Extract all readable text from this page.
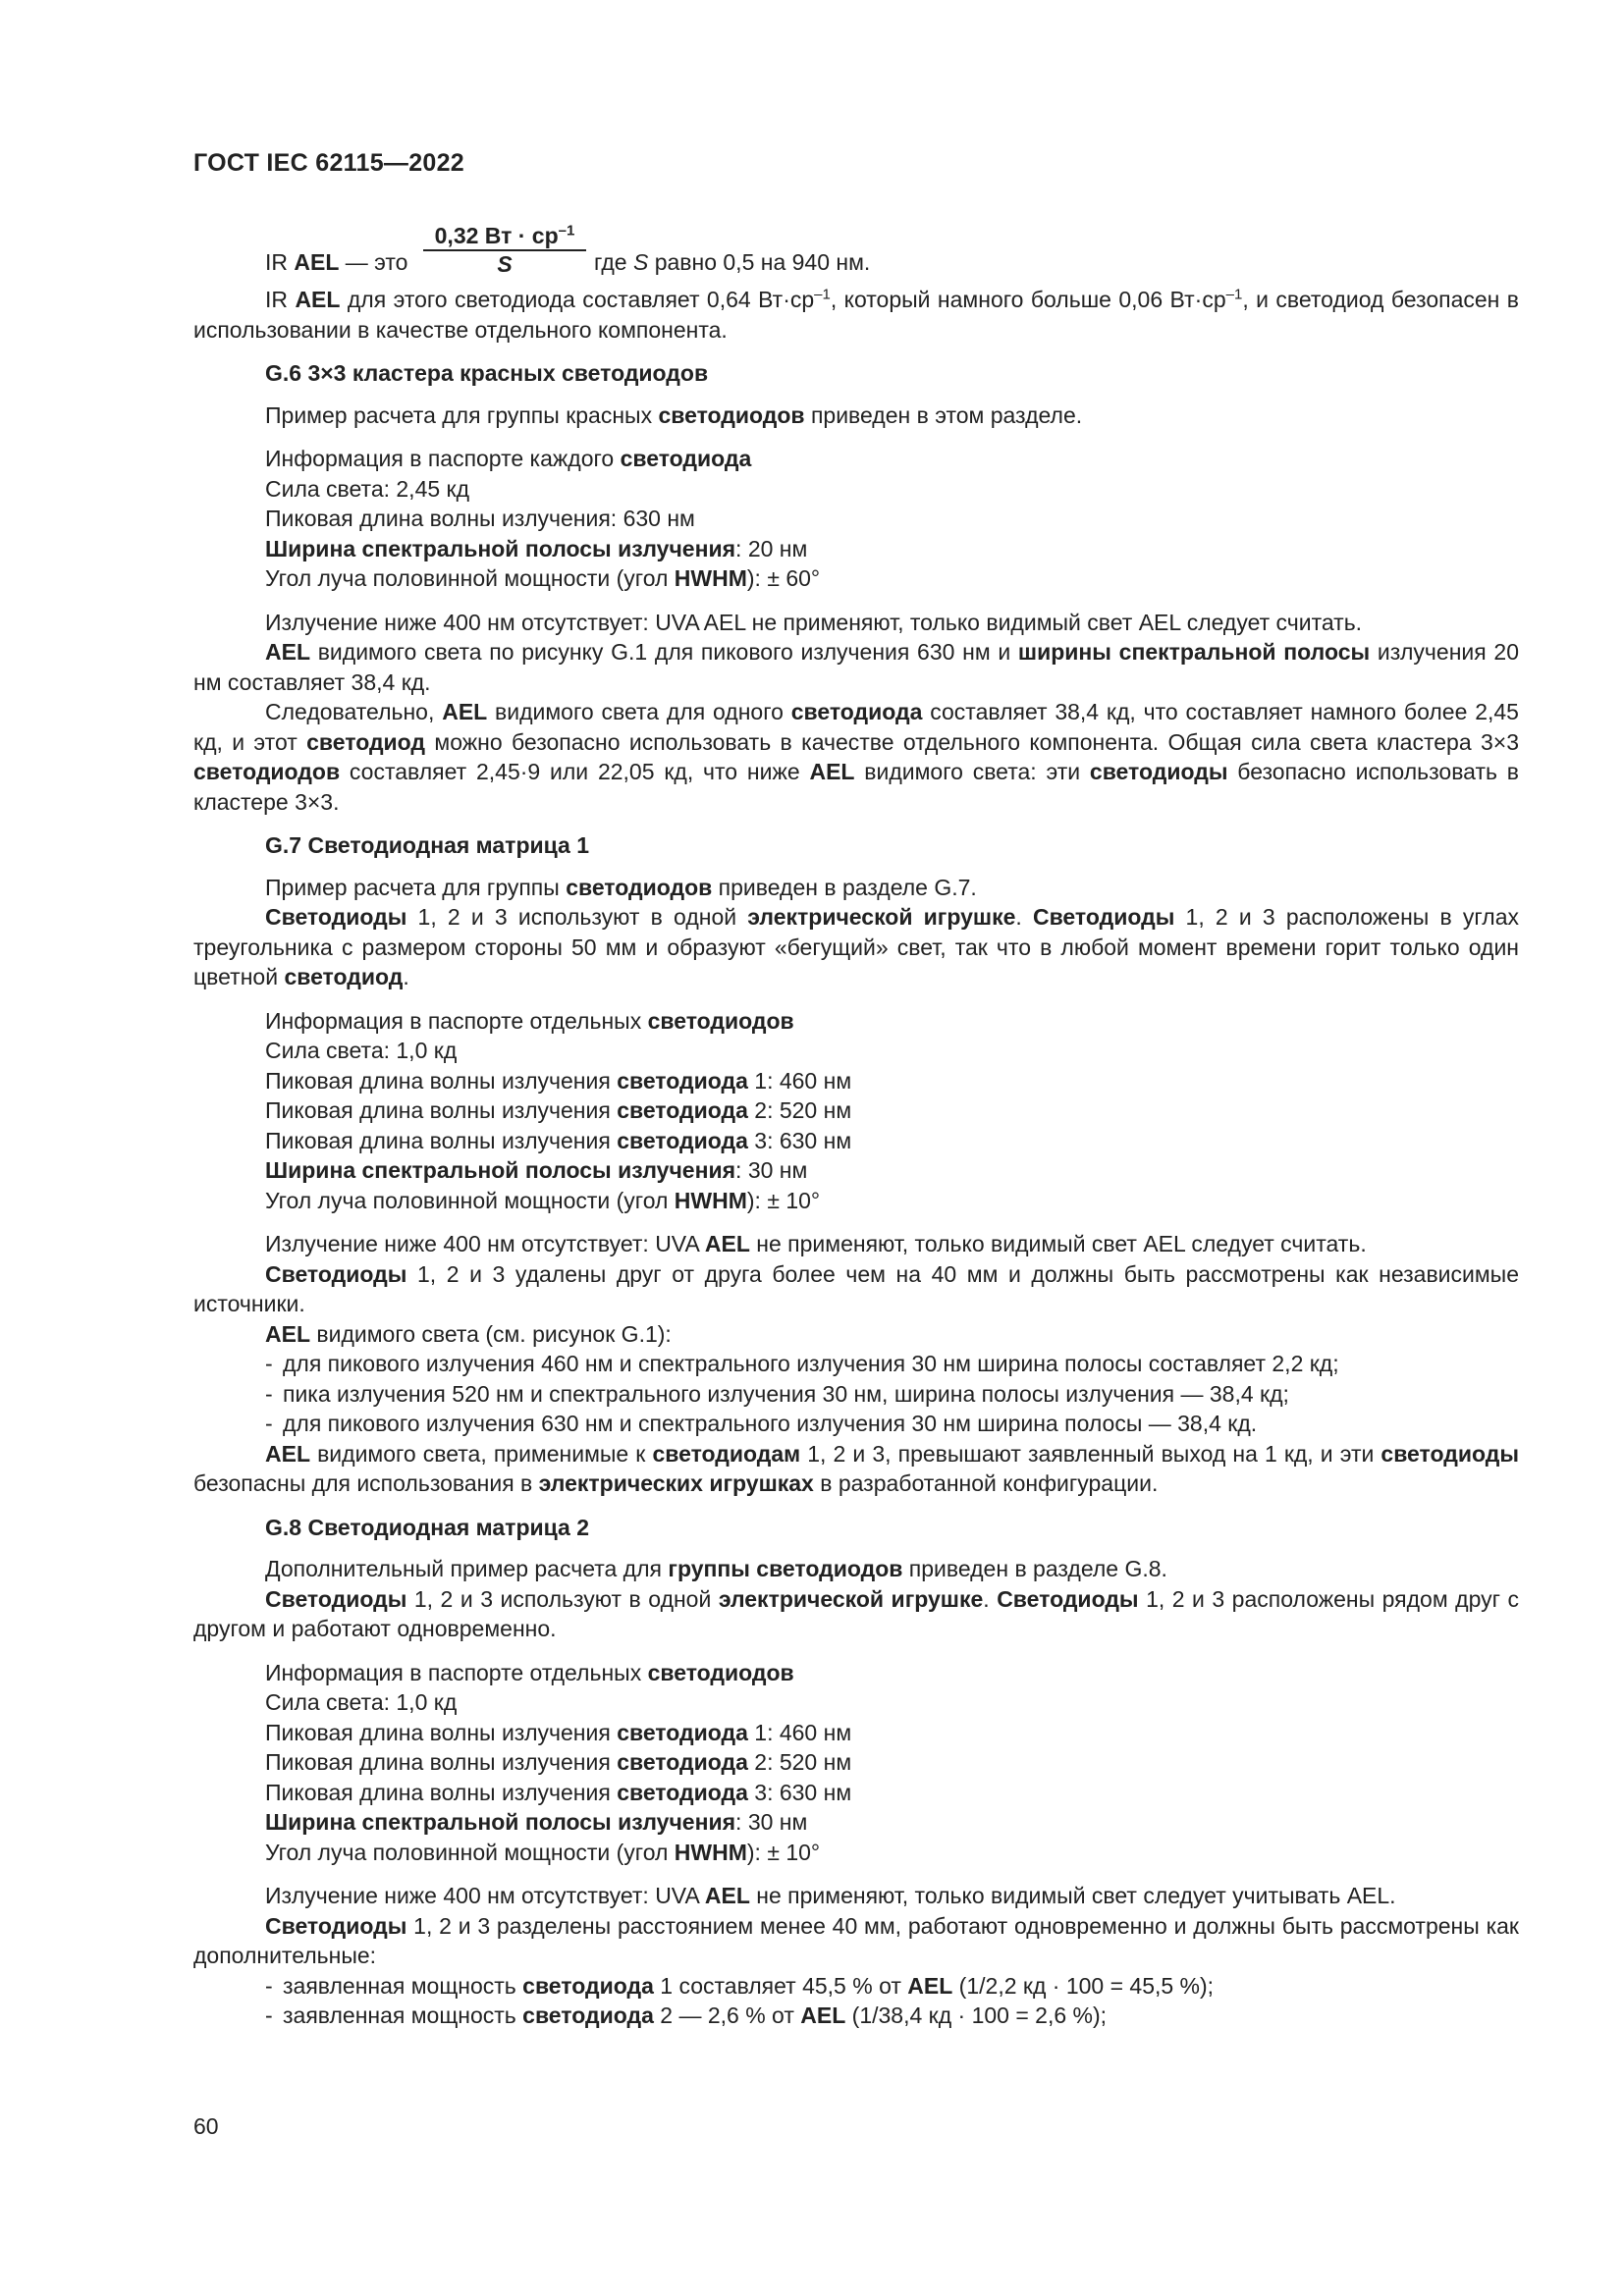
ГОСТ IEC 62115—2022
IR AEL — это
0,32 Вт · $ср^{-1}$
S	где S равно 0,5 на 940 нм.

IR AEL для этого светодиода составляет 0,64 $Вт\cdot ср^{-1}$, который намного больше 0,06 $Вт\cdot ср^{-1}$, и светодиод безопасен в использовании в качестве отдельного компонента.

G.6 3×3 кластера красных светодиодов

Пример расчета для группы красных светодиодов приведен в этом разделе.

Информация в паспорте каждого светодиода

Сила света: 2,45 кд

Пиковая длина волны излучения: 630 нм

Ширина спектральной полосы излучения: 20 нм

Угол луча половинной мощности (угол HWHM): ± 60°

Излучение ниже 400 нм отсутствует: UVA AEL не применяют, только видимый свет AEL следует считать.

AEL видимого света по рисунку G.1 для пикового излучения 630 нм и ширины спектральной полосы излучения 20 нм составляет 38,4 кд.

Следовательно, AEL видимого света для одного светодиода составляет 38,4 кд, что составляет намного более 2,45 кд, и этот светодиод можно безопасно использовать в качестве отдельного компонента. Общая сила света кластера 3×3 светодиодов составляет 2,45·9 или 22,05 кд, что ниже AEL видимого света: эти светодиоды безопасно использовать в кластере 3×3.

G.7 Светодиодная матрица 1

Пример расчета для группы светодиодов приведен в разделе G.7.

Светодиоды 1, 2 и 3 используют в одной электрической игрушке. Светодиоды 1, 2 и 3 расположены в углах треугольника с размером стороны 50 мм и образуют «бегущий» свет, так что в любой момент времени горит только один цветной светодиод.

Информация в паспорте отдельных светодиодов

Сила света: 1,0 кд

Пиковая длина волны излучения светодиода 1: 460 нм

Пиковая длина волны излучения светодиода 2: 520 нм

Пиковая длина волны излучения светодиода 3: 630 нм

Ширина спектральной полосы излучения: 30 нм

Угол луча половинной мощности (угол HWHM): ± 10°

Излучение ниже 400 нм отсутствует: UVA AEL не применяют, только видимый свет AEL следует считать.

Светодиоды 1, 2 и 3 удалены друг от друга более чем на 40 мм и должны быть рассмотрены как независимые источники.

AEL видимого света (см. рисунок G.1):

- для пикового излучения 460 нм и спектрального излучения 30 нм ширина полосы составляет 2,2 кд;

- пика излучения 520 нм и спектрального излучения 30 нм, ширина полосы излучения — 38,4 кд;

- для пикового излучения 630 нм и спектрального излучения 30 нм ширина полосы — 38,4 кд.

AEL видимого света, применимые к светодиодам 1, 2 и 3, превышают заявленный выход на 1 кд, и эти светодиоды безопасны для использования в электрических игрушках в разработанной конфигурации.

G.8 Светодиодная матрица 2

Дополнительный пример расчета для группы светодиодов приведен в разделе G.8.

Светодиоды 1, 2 и 3 используют в одной электрической игрушке. Светодиоды 1, 2 и 3 расположены рядом друг с другом и работают одновременно.

Информация в паспорте отдельных светодиодов

Сила света: 1,0 кд

Пиковая длина волны излучения светодиода 1: 460 нм

Пиковая длина волны излучения светодиода 2: 520 нм

Пиковая длина волны излучения светодиода 3: 630 нм

Ширина спектральной полосы излучения: 30 нм

Угол луча половинной мощности (угол HWHM): ± 10°

Излучение ниже 400 нм отсутствует: UVA AEL не применяют, только видимый свет следует учитывать AEL.

Светодиоды 1, 2 и 3 разделены расстоянием менее 40 мм, работают одновременно и должны быть рассмотрены как дополнительные:

- заявленная мощность светодиода 1 составляет 45,5 % от AEL (1/2,2 кд · 100 = 45,5 %);

- заявленная мощность светодиода 2 — 2,6 % от AEL (1/38,4 кд · 100 = 2,6 %);

60
